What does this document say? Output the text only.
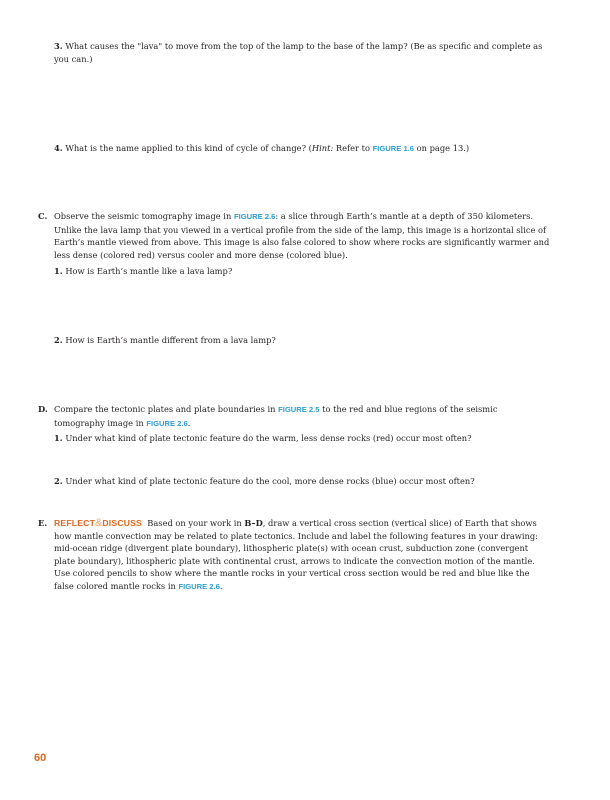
3. What causes the "lava" to move from the top of the lamp to the base of the lamp? (Be as specific and complete as you can.)
4. What is the name applied to this kind of cycle of change? (Hint: Refer to FIGURE 1.6 on page 13.)
C. Observe the seismic tomography image in FIGURE 2.6: a slice through Earth’s mantle at a depth of 350 kilometers. Unlike the lava lamp that you viewed in a vertical profile from the side of the lamp, this image is a horizontal slice of Earth’s mantle viewed from above. This image is also false colored to show where rocks are significantly warmer and less dense (colored red) versus cooler and more dense (colored blue).
1. How is Earth’s mantle like a lava lamp?
2. How is Earth’s mantle different from a lava lamp?
D. Compare the tectonic plates and plate boundaries in FIGURE 2.5 to the red and blue regions of the seismic tomography image in FIGURE 2.6.
1. Under what kind of plate tectonic feature do the warm, less dense rocks (red) occur most often?
2. Under what kind of plate tectonic feature do the cool, more dense rocks (blue) occur most often?
E. REFLECT&DISCUSS Based on your work in B–D, draw a vertical cross section (vertical slice) of Earth that shows how mantle convection may be related to plate tectonics. Include and label the following features in your drawing: mid-ocean ridge (divergent plate boundary), lithospheric plate(s) with ocean crust, subduction zone (convergent plate boundary), lithospheric plate with continental crust, arrows to indicate the convection motion of the mantle. Use colored pencils to show where the mantle rocks in your vertical cross section would be red and blue like the false colored mantle rocks in FIGURE 2.6.
60
